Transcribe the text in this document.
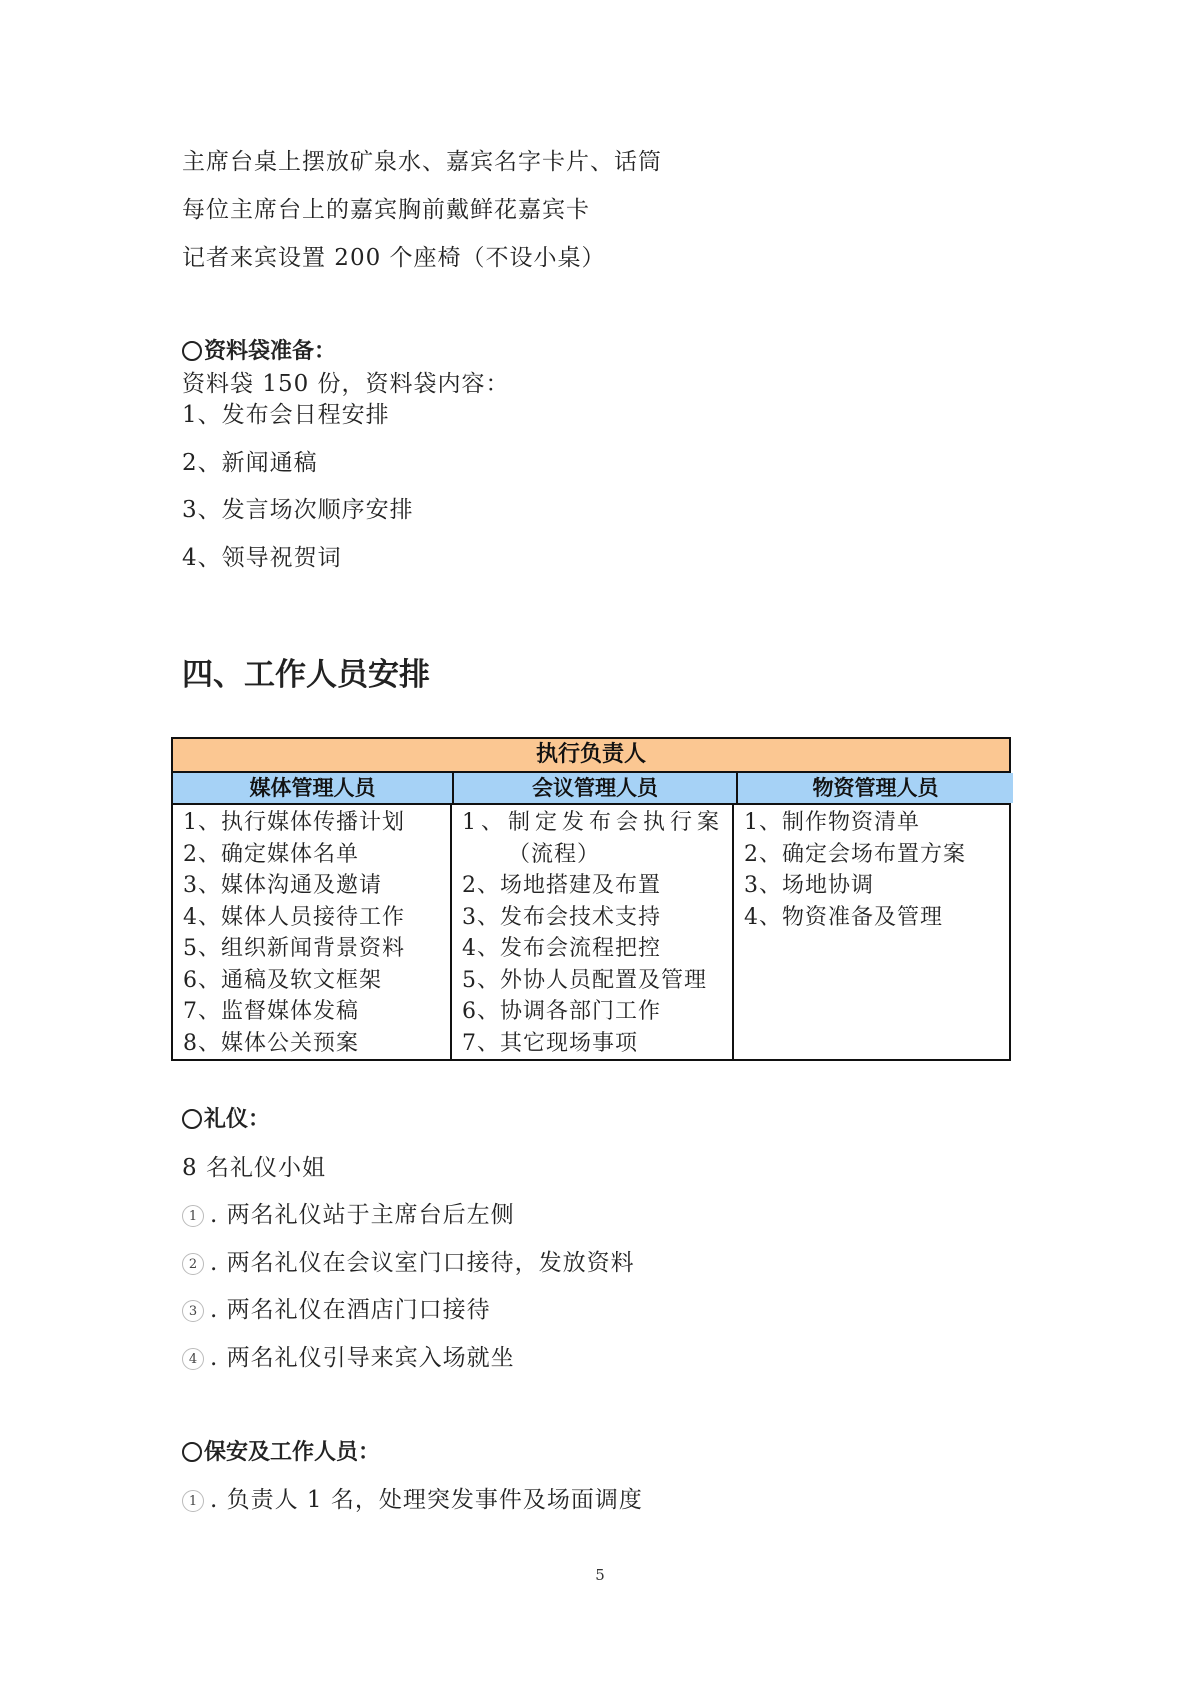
主席台桌上摆放矿泉水、嘉宾名字卡片、话筒
每位主席台上的嘉宾胸前戴鲜花嘉宾卡
记者来宾设置 200 个座椅（不设小桌）
资料袋准备：
资料袋 150 份，资料袋内容：
1、发布会日程安排
2、新闻通稿
3、发言场次顺序安排
4、领导祝贺词
四、工作人员安排
执行负责人
媒体管理人员	会议管理人员	物资管理人员
1、执行媒体传播计划
2、确定媒体名单
3、媒体沟通及邀请
4、媒体人员接待工作
5、组织新闻背景资料
6、通稿及软文框架
7、监督媒体发稿
8、媒体公关预案
1、制定发布会执行案
（流程）
2、场地搭建及布置
3、发布会技术支持
4、发布会流程把控
5、外协人员配置及管理
6、协调各部门工作
7、其它现场事项
1、制作物资清单
2、确定会场布置方案
3、场地协调
4、物资准备及管理
礼仪：
8 名礼仪小姐
1 . 两名礼仪站于主席台后左侧
2 . 两名礼仪在会议室门口接待，发放资料
3 . 两名礼仪在酒店门口接待
4 . 两名礼仪引导来宾入场就坐
保安及工作人员：
1 . 负责人 1 名，处理突发事件及场面调度
5
